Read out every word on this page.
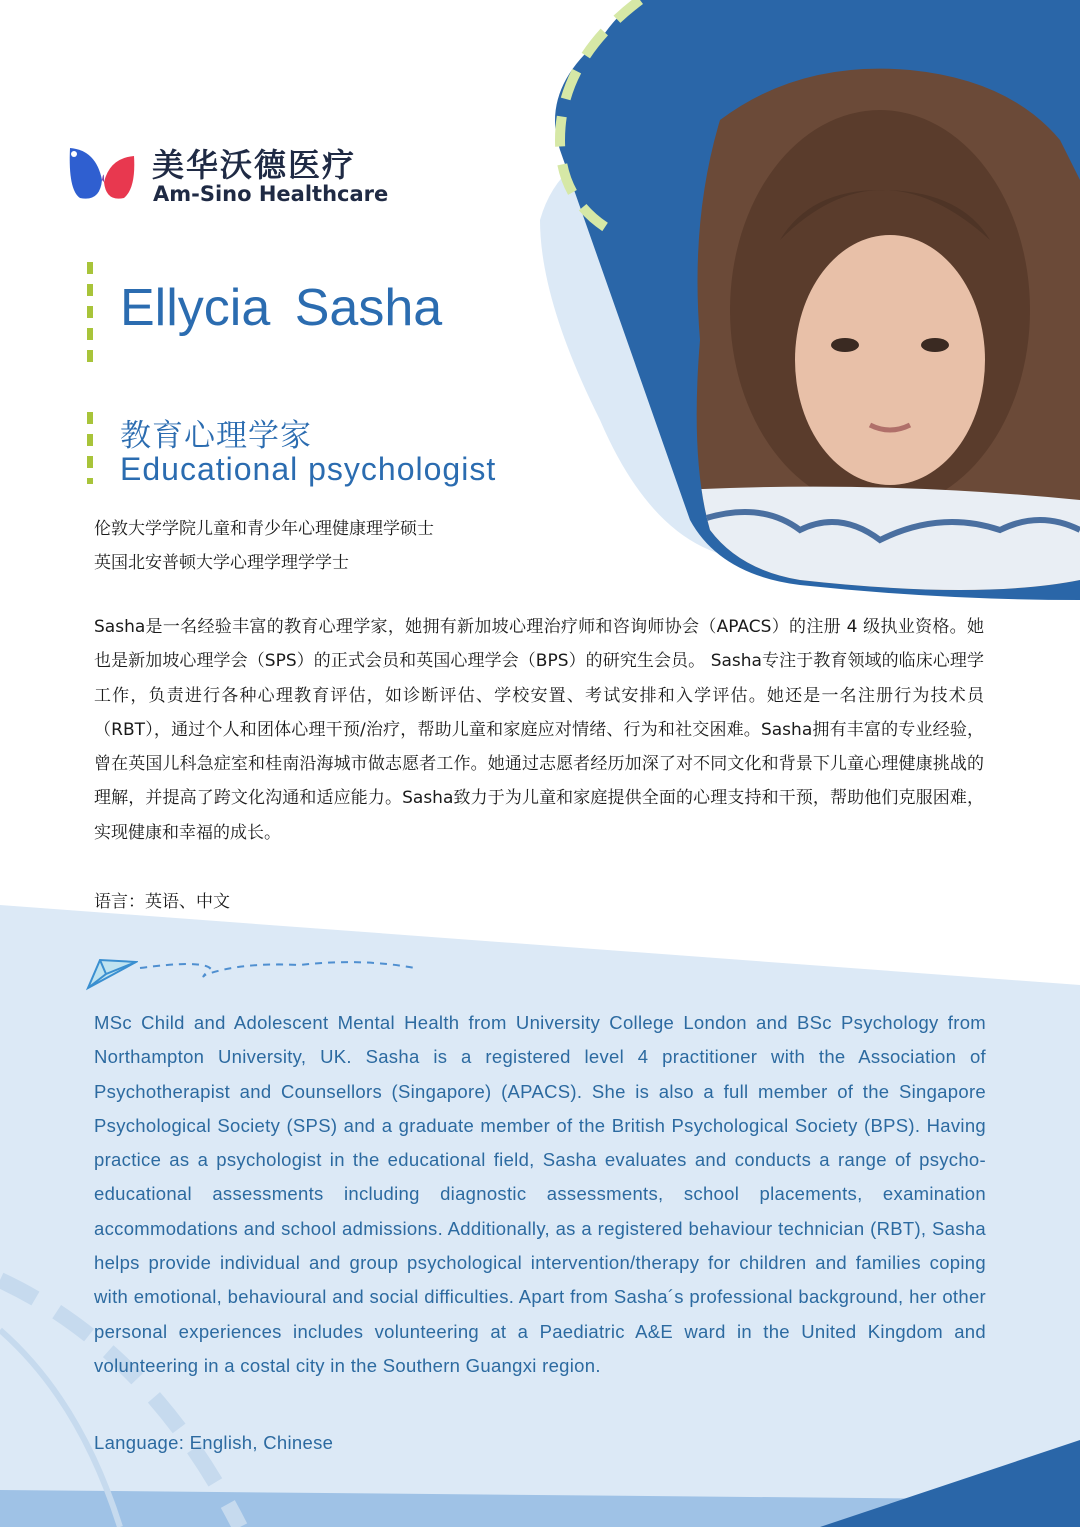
美华沃德医疗
Am-Sino Healthcare
Ellycia Sasha
教育心理学家
Educational psychologist
伦敦大学学院儿童和青少年心理健康理学硕士
英国北安普顿大学心理学理学学士
Sasha是一名经验丰富的教育心理学家，她拥有新加坡心理治疗师和咨询师协会（APACS）的注册 4 级执业资格。她也是新加坡心理学会（SPS）的正式会员和英国心理学会（BPS）的研究生会员。 Sasha专注于教育领域的临床心理学工作，负责进行各种心理教育评估，如诊断评估、学校安置、考试安排和入学评估。她还是一名注册行为技术员（RBT），通过个人和团体心理干预/治疗，帮助儿童和家庭应对情绪、行为和社交困难。Sasha拥有丰富的专业经验，曾在英国儿科急症室和桂南沿海城市做志愿者工作。她通过志愿者经历加深了对不同文化和背景下儿童心理健康挑战的理解，并提高了跨文化沟通和适应能力。Sasha致力于为儿童和家庭提供全面的心理支持和干预，帮助他们克服困难，实现健康和幸福的成长。
语言：英语、中文
MSc Child and Adolescent Mental Health from University College London and BSc Psychology from Northampton University, UK. Sasha is a registered level 4 practitioner with the Association of Psychotherapist and Counsellors (Singapore) (APACS). She is also a full member of the Singapore Psychological Society (SPS) and a graduate member of the British Psychological Society (BPS). Having practice as a psychologist in the educational field, Sasha evaluates and conducts a range of psycho-educational assessments including diagnostic assessments, school placements, examination accommodations and school admissions. Additionally, as a registered behaviour technician (RBT), Sasha helps provide individual and group psychological intervention/therapy for children and families coping with emotional, behavioural and social difficulties. Apart from Sasha´s professional background, her other personal experiences includes volunteering at a Paediatric A&E ward in the United Kingdom and volunteering in a costal city in the Southern Guangxi region.
Language: English, Chinese
